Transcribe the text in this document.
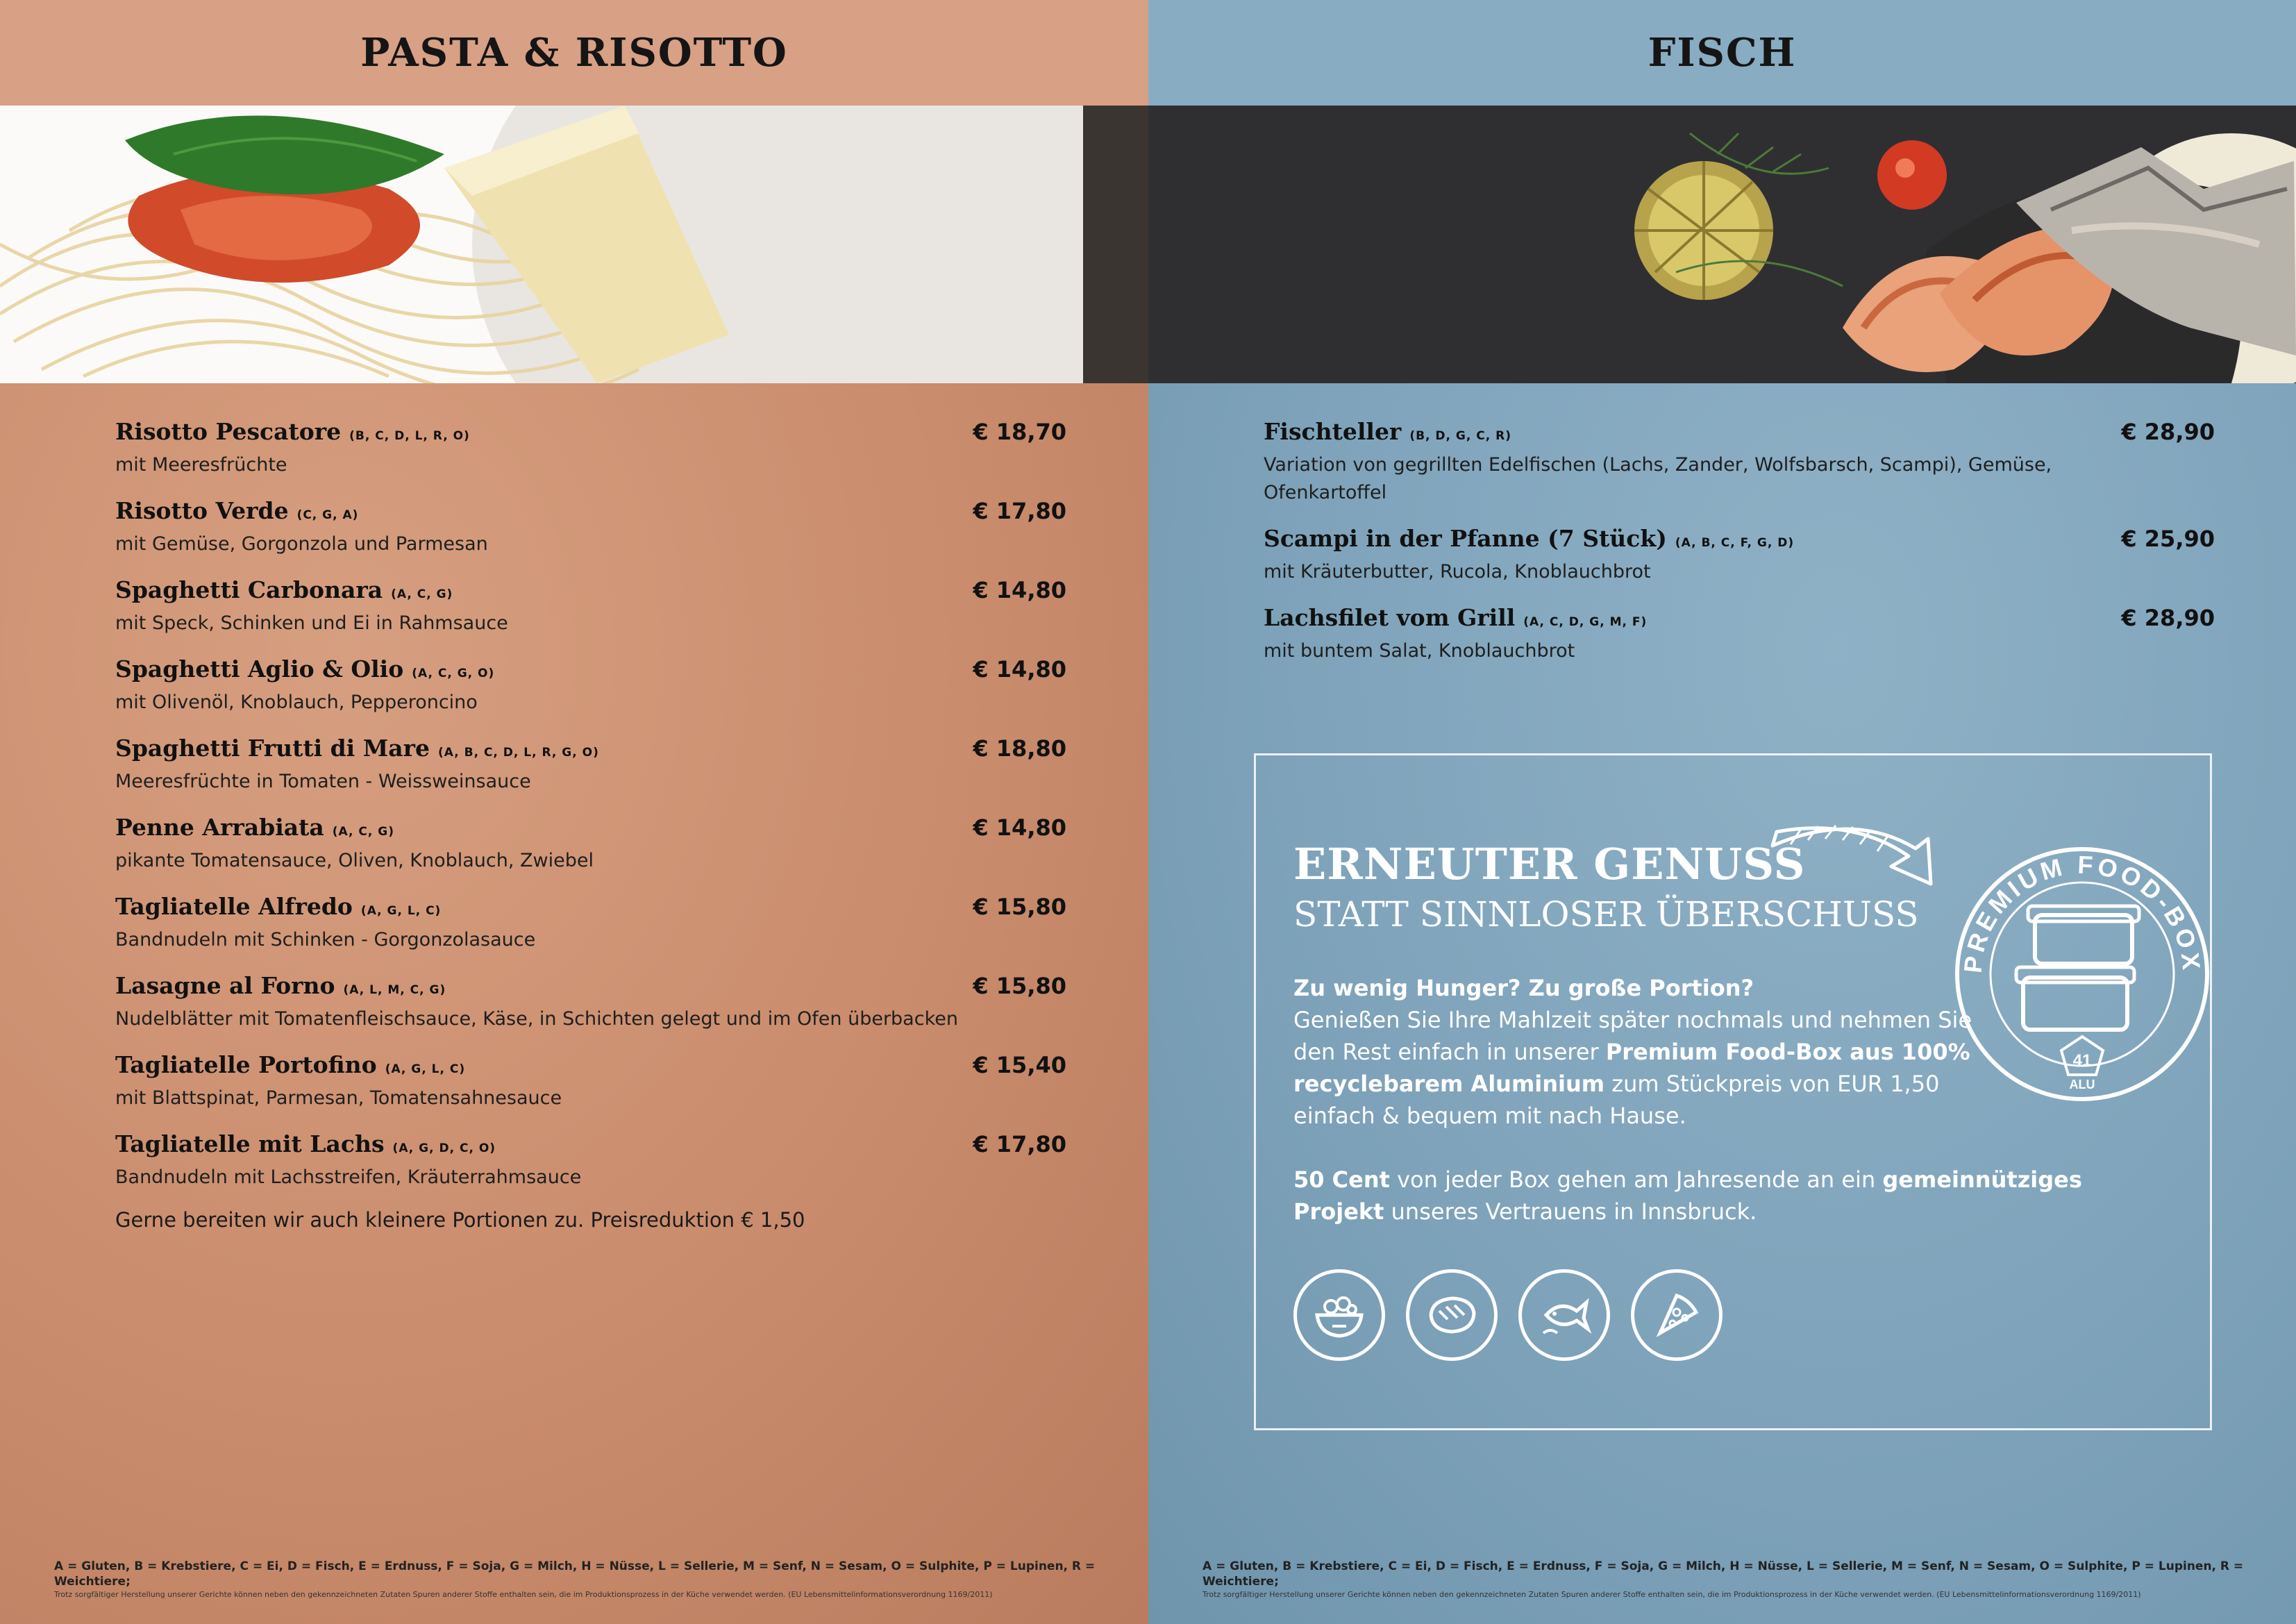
PASTA & RISOTTO
Risotto Pescatore (B, C, D, L, R, O)
mit Meeresfrüchte
€ 18,70
Risotto Verde (C, G, A)
mit Gemüse, Gorgonzola und Parmesan
€ 17,80
Spaghetti Carbonara (A, C, G)
mit Speck, Schinken und Ei in Rahmsauce
€ 14,80
Spaghetti Aglio & Olio (A, C, G, O)
mit Olivenöl, Knoblauch, Pepperoncino
€ 14,80
Spaghetti Frutti di Mare (A, B, C, D, L, R, G, O)
Meeresfrüchte in Tomaten - Weissweinsauce
€ 18,80
Penne Arrabiata (A, C, G)
pikante Tomatensauce, Oliven, Knoblauch, Zwiebel
€ 14,80
Tagliatelle Alfredo (A, G, L, C)
Bandnudeln mit Schinken - Gorgonzolasauce
€ 15,80
Lasagne al Forno (A, L, M, C, G)
Nudelblätter mit Tomatenfleischsauce, Käse, in Schichten gelegt und im Ofen überbacken
€ 15,80
Tagliatelle Portofino (A, G, L, C)
mit Blattspinat, Parmesan, Tomatensahnesauce
€ 15,40
Tagliatelle mit Lachs (A, G, D, C, O)
Bandnudeln mit Lachsstreifen, Kräuterrahmsauce
€ 17,80
Gerne bereiten wir auch kleinere Portionen zu. Preisreduktion € 1,50
A = Gluten, B = Krebstiere, C = Ei, D = Fisch, E = Erdnuss, F = Soja, G = Milch, H = Nüsse, L = Sellerie, M = Senf, N = Sesam, O = Sulphite, P = Lupinen, R = Weichtiere;
Trotz sorgfältiger Herstellung unserer Gerichte können neben den gekennzeichneten Zutaten Spuren anderer Stoffe enthalten sein, die im Produktionsprozess in der Küche verwendet werden. (EU Lebensmittelinformationsverordnung 1169/2011)
FISCH
Fischteller (B, D, G, C, R)
Variation von gegrillten Edelfischen (Lachs, Zander, Wolfsbarsch, Scampi), Gemüse, Ofenkartoffel
€ 28,90
Scampi in der Pfanne (7 Stück) (A, B, C, F, G, D)
mit Kräuterbutter, Rucola, Knoblauchbrot
€ 25,90
Lachsfilet vom Grill (A, C, D, G, M, F)
mit buntem Salat, Knoblauchbrot
€ 28,90
ERNEUTER GENUSS
STATT SINNLOSER ÜBERSCHUSS
PREMIUM FOOD-BOX
41
ALU
Zu wenig Hunger? Zu große Portion?
Genießen Sie Ihre Mahlzeit später nochmals und nehmen Sie den Rest einfach in unserer Premium Food-Box aus 100% recyclebarem Aluminium zum Stückpreis von EUR 1,50 einfach & bequem mit nach Hause.
50 Cent von jeder Box gehen am Jahresende an ein gemeinnütziges Projekt unseres Vertrauens in Innsbruck.
A = Gluten, B = Krebstiere, C = Ei, D = Fisch, E = Erdnuss, F = Soja, G = Milch, H = Nüsse, L = Sellerie, M = Senf, N = Sesam, O = Sulphite, P = Lupinen, R = Weichtiere;
Trotz sorgfältiger Herstellung unserer Gerichte können neben den gekennzeichneten Zutaten Spuren anderer Stoffe enthalten sein, die im Produktionsprozess in der Küche verwendet werden. (EU Lebensmittelinformationsverordnung 1169/2011)
